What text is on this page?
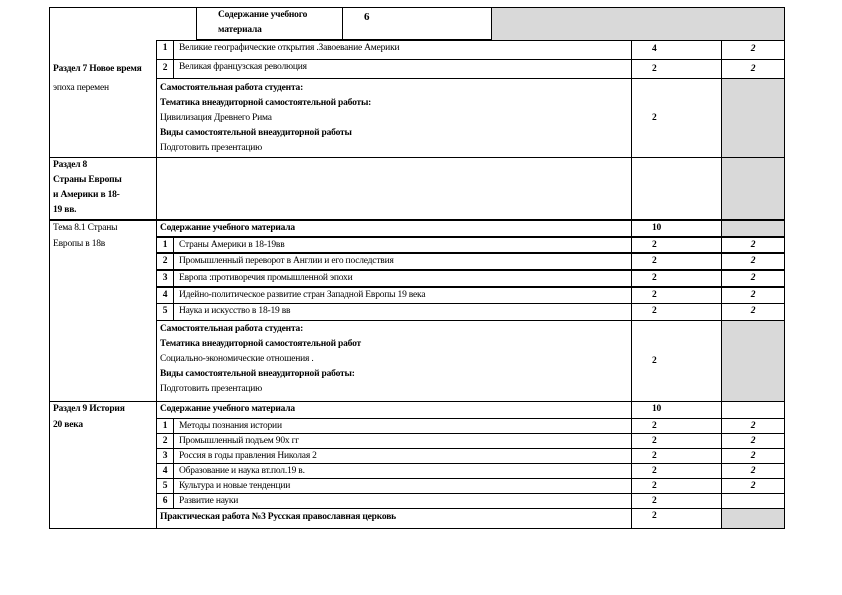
Содержание учебного материала
6
Раздел 7 Новое время
эпоха перемен
1	Великие географические открытия .Завоевание Америки	4	2
2	Великая французская революция	2	2
Самостоятельная работа студента:
Тематика внеаудиторной самостоятельной работы:
Цивилизация Древнего Рима
Виды самостоятельной внеаудиторной работы
Подготовить презентацию
2
Раздел 8
Страны Европы
и Америки в 18-
19 вв.
Тема 8.1 Страны
Европы в 18в
Содержание учебного материала	10
1	Страны Америки в 18-19вв	2	2
2	Промышленный переворот в Англии и его последствия	2	2
3	Европа :противоречия промышленной эпохи	2	2
4	Идейно-политическое развитие стран Западной Европы 19 века	2	2
5	Наука и искусство в 18-19 вв	2	2
Самостоятельная работа студента:
Тематика внеаудиторной самостоятельной работ
Социально-экономические отношения .
Виды самостоятельной внеаудиторной работы:
Подготовить презентацию
2
Раздел 9 История
20 века
Содержание учебного материала	10
1	Методы познания истории	2	2
2	Промышленный подъем 90х гг	2	2
3	Россия в годы правления Николая 2	2	2
4	Образование и наука вт.пол.19 в.	2	2
5	Культура и новые тенденции	2	2
6	Развитие науки	2
Практическая работа №3 Русская православная церковь	2
